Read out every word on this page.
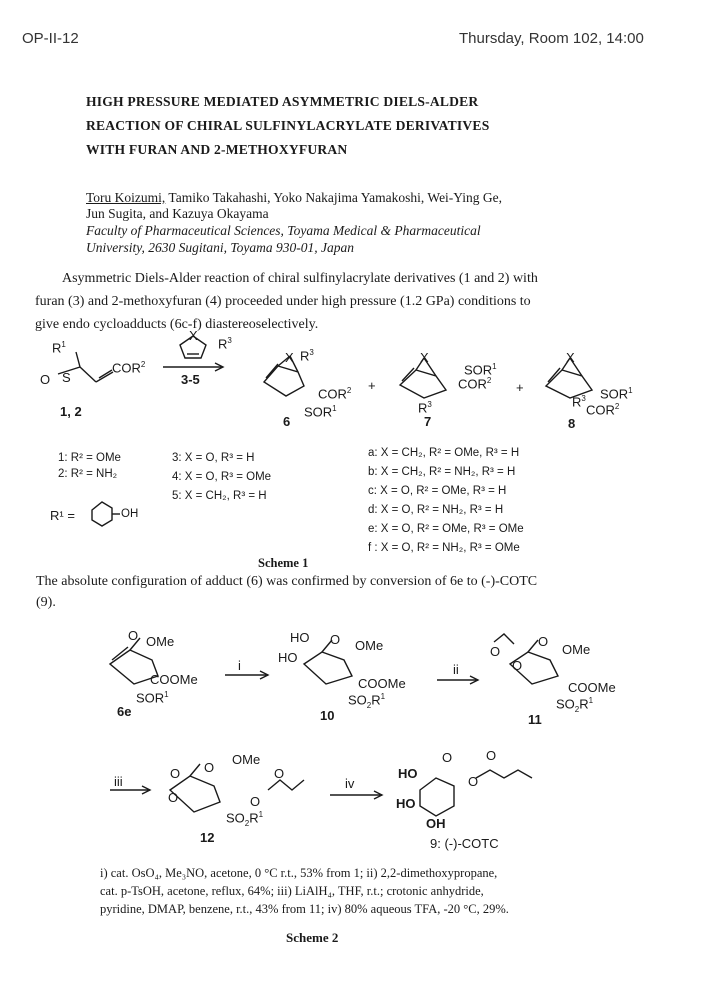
OP-II-12	Thursday, Room 102, 14:00
HIGH PRESSURE MEDIATED ASYMMETRIC DIELS-ALDER
REACTION OF CHIRAL SULFINYLACRYLATE DERIVATIVES
WITH FURAN AND 2-METHOXYFURAN
Toru Koizumi, Tamiko Takahashi, Yoko Nakajima Yamakoshi, Wei-Ying Ge,
Jun Sugita, and Kazuya Okayama
Faculty of Pharmaceutical Sciences, Toyama Medical & Pharmaceutical
University, 2630 Sugitani, Toyama 930-01, Japan
Asymmetric Diels-Alder reaction of chiral sulfinylacrylate derivatives (1 and 2) with
furan (3) and 2-methoxyfuran (4) proceeded under high pressure (1.2 GPa) conditions to
give endo cycloadducts (6c-f) diastereoselectively.
$R^1$
O S
COR$^2$
1, 2
$R^3$
X
3-5
X $R^3$
COR$^2$
SOR$^1$
6
+
X
SOR$^1$
COR$^2$
$R^3$
7
+
X
SOR$^1$
$R^3$
COR$^2$
8
1: R² = OMe
2: R² = NH₂
R¹ =	OH
3: X = O, R³ = H
4: X = O, R³ = OMe
5: X = CH₂, R³ = H
a: X = CH₂, R² = OMe, R³ = H
b: X = CH₂, R² = NH₂, R³ = H
c: X = O, R² = OMe, R³ = H
d: X = O, R² = NH₂, R³ = H
e: X = O, R² = OMe, R³ = OMe
f : X = O, R² = NH₂, R³ = OMe
Scheme 1
The absolute configuration of adduct (6) was confirmed by conversion of 6e to (-)-COTC
(9).
O OMe
COOMe
SOR$^1$
6e
i
HO
HO
O OMe
COOMe
$SO_2R^1$
10
ii
O
O
O
OMe
COOMe
$SO_2R^1$
11
iii
O
O
O
OMe
O
O
$SO_2R^1$
12
iv
HO
HO
O
O
O
OH
9: (-)-COTC
i) cat. OsO₄, Me₃NO, acetone, 0 °C r.t., 53% from 1; ii) 2,2-dimethoxypropane,
cat. p-TsOH, acetone, reflux, 64%; iii) LiAlH₄, THF, r.t.; crotonic anhydride,
pyridine, DMAP, benzene, r.t., 43% from 11; iv) 80% aqueous TFA, -20 °C, 29%.
Scheme 2
